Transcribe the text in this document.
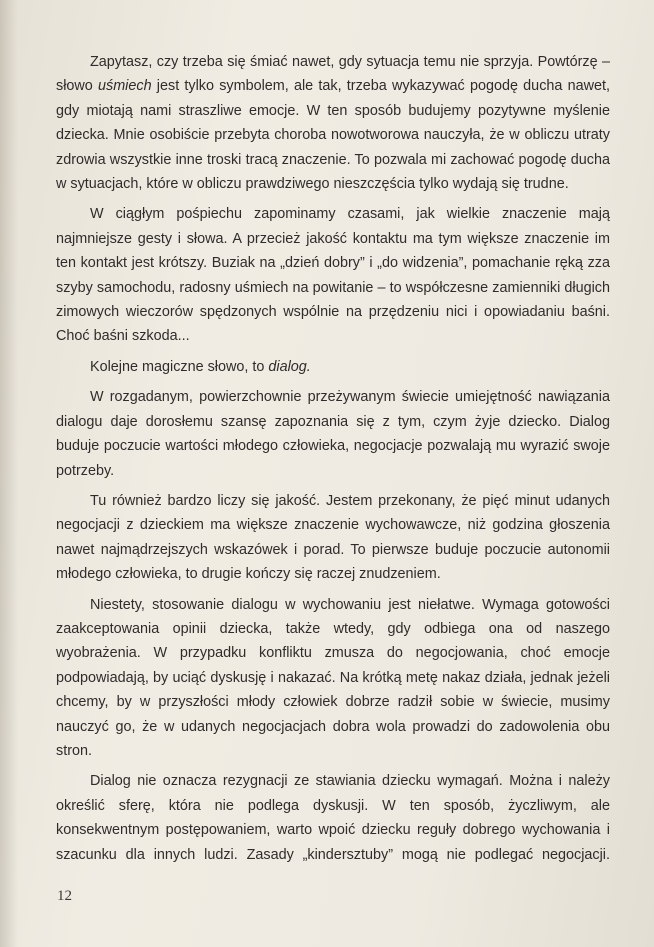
Zapytasz, czy trzeba się śmiać nawet, gdy sytuacja temu nie sprzyja. Powtórzę – słowo uśmiech jest tylko symbolem, ale tak, trzeba wykazywać pogodę ducha nawet, gdy miotają nami straszliwe emocje. W ten sposób budujemy pozytywne myślenie dziecka. Mnie osobiście przebyta choroba nowotworowa nauczyła, że w obliczu utraty zdrowia wszystkie inne troski tracą znaczenie. To pozwala mi zachować pogodę ducha w sytuacjach, które w obliczu prawdziwego nieszczęścia tylko wydają się trudne.

W ciągłym pośpiechu zapominamy czasami, jak wielkie znaczenie mają najmniejsze gesty i słowa. A przecież jakość kontaktu ma tym większe znaczenie im ten kontakt jest krótszy. Buziak na „dzień dobry” i „do widzenia”, pomachanie ręką zza szyby samochodu, radosny uśmiech na powitanie – to współczesne zamienniki długich zimowych wieczorów spędzonych wspólnie na przędzeniu nici i opowiadaniu baśni. Choć baśni szkoda...

Kolejne magiczne słowo, to dialog.

W rozgadanym, powierzchownie przeżywanym świecie umiejętność nawiązania dialogu daje dorosłemu szansę zapoznania się z tym, czym żyje dziecko. Dialog buduje poczucie wartości młodego człowieka, negocjacje pozwalają mu wyrazić swoje potrzeby.

Tu również bardzo liczy się jakość. Jestem przekonany, że pięć minut udanych negocjacji z dzieckiem ma większe znaczenie wychowawcze, niż godzina głoszenia nawet najmądrzejszych wskazówek i porad. To pierwsze buduje poczucie autonomii młodego człowieka, to drugie kończy się raczej znudzeniem.

Niestety, stosowanie dialogu w wychowaniu jest niełatwe. Wymaga gotowości zaakceptowania opinii dziecka, także wtedy, gdy odbiega ona od naszego wyobrażenia. W przypadku konfliktu zmusza do negocjowania, choć emocje podpowiadają, by uciąć dyskusję i nakazać. Na krótką metę nakaz działa, jednak jeżeli chcemy, by w przyszłości młody człowiek dobrze radził sobie w świecie, musimy nauczyć go, że w udanych negocjacjach dobra wola prowadzi do zadowolenia obu stron.

Dialog nie oznacza rezygnacji ze stawiania dziecku wymagań. Można i należy określić sferę, która nie podlega dyskusji. W ten sposób, życzliwym, ale konsekwentnym postępowaniem, warto wpoić dziecku reguły dobrego wychowania i szacunku dla innych ludzi. Zasady „kindersztuby” mogą nie podlegać negocjacji.

12
